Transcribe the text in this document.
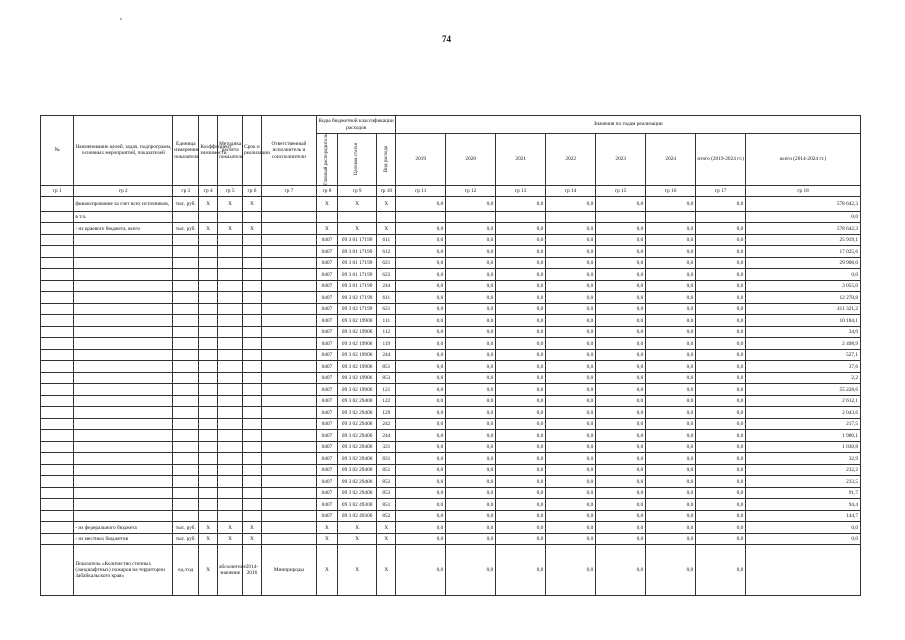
,
74
№	Наименование целей, задач, подпрограмм, основных мероприятий, показателей	Единица измерения показателя	Коэффициент значимости	Методика расчета показателя	Срок и реализации	Ответственный исполнитель и соисполнители	Коды бюджетной классификации расходов			Значения по годам реализации							

							Главный распорядитель	Целевая статья	Вид расхода	2019	2020	2021	2022	2023	2024	итого (2019-2024 гг.)	всего (2014-2024 гг.)
гр 1	гр 2	гр 3	гр 4	гр 5	гр 6	гр 7	гр 8	гр 9	гр 10	гр 11	гр 12	гр 13	гр 14	гр 15	гр 16	гр 17	гр 18
	финансирование за счет всех источников,	тыс. руб.	X	X	X		X	X	X	0,0	0,0	0,0	0,0	0,0	0,0	0,0	578 642,3
	в т.ч.																0,0
	- из краевого бюджета, всего	тыс. руб.	X	X	X		X	X	X	0,0	0,0	0,0	0,0	0,0	0,0	0,0	578 642,3
							0407	09 3 01 17199	611	0,0	0,0	0,0	0,0	0,0	0,0	0,0	25 919,1
							0407	09 3 01 17199	612	0,0	0,0	0,0	0,0	0,0	0,0	0,0	17 025,6
							0407	09 3 01 17199	621	0,0	0,0	0,0	0,0	0,0	0,0	0,0	29 908,0
							0407	09 3 01 17199	622	0,0	0,0	0,0	0,0	0,0	0,0	0,0	0,0
							0407	09 3 01 17199	244	0,0	0,0	0,0	0,0	0,0	0,0	0,0	3 055,0
							0407	09 3 02 17199	611	0,0	0,0	0,0	0,0	0,0	0,0	0,0	12 270,8
							0407	09 3 02 17199	621	0,0	0,0	0,0	0,0	0,0	0,0	0,0	411 321,2
							0407	09 3 02 19906	111	0,0	0,0	0,0	0,0	0,0	0,0	0,0	10 184,1
							0407	09 3 02 19906	112	0,0	0,0	0,0	0,0	0,0	0,0	0,0	34,0
							0407	09 3 02 19906	119	0,0	0,0	0,0	0,0	0,0	0,0	0,0	2 498,9
							0407	09 3 02 19906	244	0,0	0,0	0,0	0,0	0,0	0,0	0,0	527,1
							0407	09 3 02 19906	851	0,0	0,0	0,0	0,0	0,0	0,0	0,0	37,6
							0407	09 3 02 19906	853	0,0	0,0	0,0	0,0	0,0	0,0	0,0	2,2
							0407	09 3 02 19906	121	0,0	0,0	0,0	0,0	0,0	0,0	0,0	55 228,6
							0407	09 3 02 29400	122	0,0	0,0	0,0	0,0	0,0	0,0	0,0	2 612,1
							0407	09 3 02 29400	129	0,0	0,0	0,0	0,0	0,0	0,0	0,0	2 043,6
							0407	09 3 02 29400	242	0,0	0,0	0,0	0,0	0,0	0,0	0,0	217,5
							0407	09 3 02 29400	244	0,0	0,0	0,0	0,0	0,0	0,0	0,0	1 980,1
							0407	09 3 02 29400	321	0,0	0,0	0,0	0,0	0,0	0,0	0,0	1 030,8
							0407	09 3 02 29400	831	0,0	0,0	0,0	0,0	0,0	0,0	0,0	32,9
							0407	09 3 02 29400	851	0,0	0,0	0,0	0,0	0,0	0,0	0,0	232,2
							0407	09 3 02 29400	852	0,0	0,0	0,0	0,0	0,0	0,0	0,0	233,5
							0407	09 3 02 29400	853	0,0	0,0	0,0	0,0	0,0	0,0	0,0	91,7
							0407	09 3 02 49300	851	0,0	0,0	0,0	0,0	0,0	0,0	0,0	94,4
							0407	09 3 02 49300	852	0,0	0,0	0,0	0,0	0,0	0,0	0,0	144,7
	- из федерального бюджета	тыс. руб.	X	X	X		X	X	X	0,0	0,0	0,0	0,0	0,0	0,0	0,0	0,0
	- из местных бюджетов	тыс. руб.	X	X	X		X	X	X	0,0	0,0	0,0	0,0	0,0	0,0	0,0	0,0
	Показатель «Количество степных (ландшафтных) пожаров на территории Забайкальского края»	ед./год	X	абсолютное значение	2014-2016	Минприроды	X	X	X	0,0	0,0	0,0	0,0	0,0	0,0	0,0	
